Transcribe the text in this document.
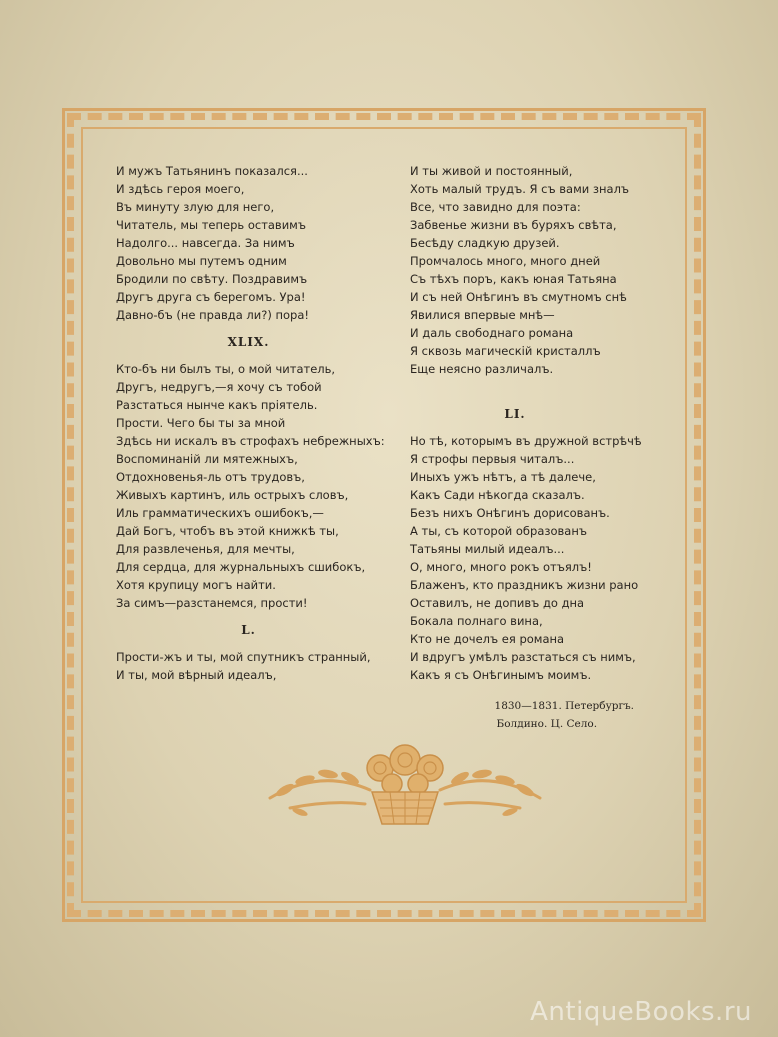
И мужъ Татьянинъ показался...
И здѣсь героя моего,
Въ минуту злую для него,
Читатель, мы теперь оставимъ
Надолго... навсегда. За нимъ
Довольно мы путемъ одним
Бродили по свѣту. Поздравимъ
Другъ друга съ берегомъ. Ура!
Давно-бъ (не правда ли?) пора!
XLIX.
Кто-бъ ни былъ ты, о мой читатель,
Другъ, недругъ,—я хочу съ тобой
Разстаться нынче какъ прiятель.
Прости. Чего бы ты за мной
Здѣсь ни искалъ въ строфахъ небрежныхъ:
Воспоминанiй ли мятежныхъ,
Отдохновенья-ль отъ трудовъ,
Живыхъ картинъ, иль острыхъ словъ,
Иль грамматическихъ ошибокъ,—
Дай Богъ, чтобъ въ этой книжкѣ ты,
Для развлеченья, для мечты,
Для сердца, для журнальныхъ сшибокъ,
Хотя крупицу могъ найти.
За симъ—разстанемся, прости!
L.
Прости-жъ и ты, мой спутникъ странный,
И ты, мой вѣрный идеалъ,
И ты живой и постоянный,
Хоть малый трудъ. Я съ вами зналъ
Все, что завидно для поэта:
Забвенье жизни въ буряхъ свѣта,
Бесѣду сладкую друзей.
Промчалось много, много дней
Съ тѣхъ поръ, какъ юная Татьяна
И съ ней Онѣгинъ въ смутномъ снѣ
Явилися впервые мнѣ—
И даль свободнаго романа
Я сквозь магическiй кристаллъ
Еще неясно различалъ.
LI.
Но тѣ, которымъ въ дружной встрѣчѣ
Я строфы первыя читалъ...
Иныхъ ужъ нѣтъ, а тѣ далече,
Какъ Сади нѣкогда сказалъ.
Безъ нихъ Онѣгинъ дорисованъ.
А ты, съ которой образованъ
Татьяны милый идеалъ...
О, много, много рокъ отъялъ!
Блаженъ, кто праздникъ жизни рано
Оставилъ, не допивъ до дна
Бокала полнаго вина,
Кто не дочелъ ея романа
И вдругъ умѣлъ разстаться съ нимъ,
Какъ я съ Онѣгинымъ моимъ.
1830—1831. Петербургъ.
Болдино. Ц. Село.
AntiqueBooks.ru
